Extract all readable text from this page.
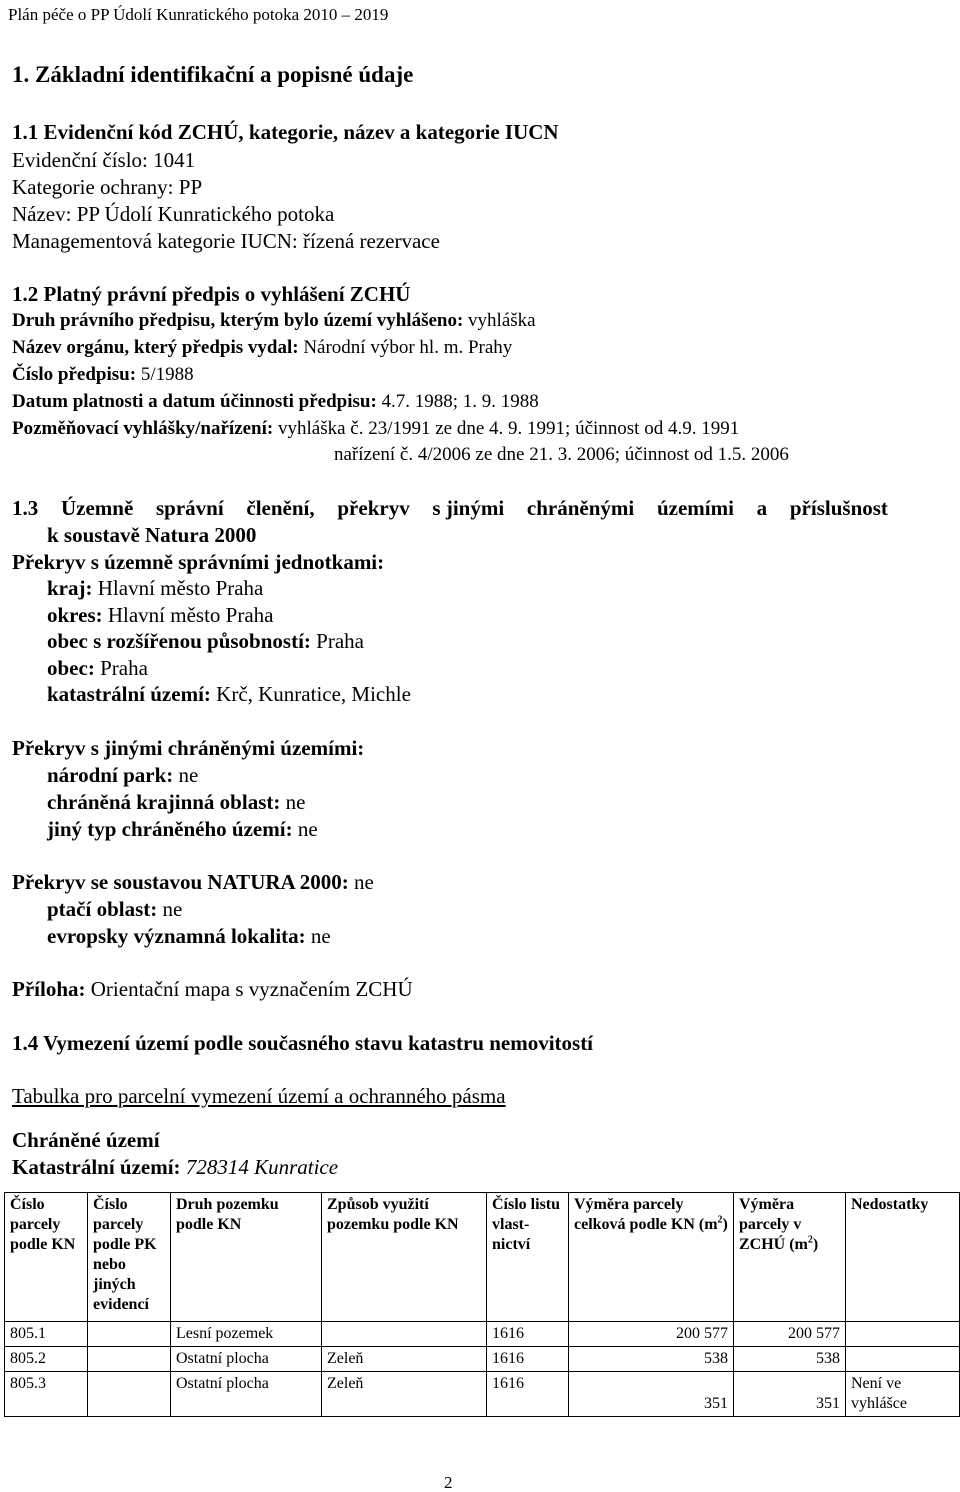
Plán péče o PP Údolí Kunratického potoka 2010 – 2019
1. Základní identifikační a popisné údaje
1.1 Evidenční kód ZCHÚ, kategorie, název a kategorie IUCN
Evidenční číslo: 1041
Kategorie ochrany: PP
Název: PP Údolí Kunratického potoka
Managementová kategorie IUCN: řízená rezervace
1.2 Platný právní předpis o vyhlášení ZCHÚ
Druh právního předpisu, kterým bylo území vyhlášeno: vyhláška
Název orgánu, který předpis vydal: Národní výbor hl. m. Prahy
Číslo předpisu: 5/1988
Datum platnosti a datum účinnosti předpisu: 4.7. 1988; 1. 9. 1988
Pozměňovací vyhlášky/nařízení: vyhláška č. 23/1991 ze dne 4. 9. 1991; účinnost od 4.9. 1991
nařízení č. 4/2006 ze dne 21. 3. 2006; účinnost od 1.5. 2006
1.3 Územně správní členění, překryv s jinými chráněnými územími a příslušnost
k soustavě Natura 2000
Překryv s územně správními jednotkami:
kraj: Hlavní město Praha
okres: Hlavní město Praha
obec s rozšířenou působností: Praha
obec: Praha
katastrální území: Krč, Kunratice, Michle
Překryv s jinými chráněnými územími:
národní park: ne
chráněná krajinná oblast: ne
jiný typ chráněného území: ne
Překryv se soustavou NATURA 2000: ne
ptačí oblast: ne
evropsky významná lokalita: ne
Příloha: Orientační mapa s vyznačením ZCHÚ
1.4 Vymezení území podle současného stavu katastru nemovitostí
Tabulka pro parcelní vymezení území a ochranného pásma
Chráněné území
Katastrální území: 728314 Kunratice
Číslo parcely podle KN	Číslo parcely podle PK nebo jiných evidencí	Druh pozemku podle KN	Způsob využití pozemku podle KN	Číslo listu vlast-nictví	Výměra parcely celková podle KN $(m^2)$	Výměra parcely v ZCHÚ $(m^2)$	Nedostatky
805.1		Lesní pozemek		1616	200 577	200 577	
805.2		Ostatní plocha	Zeleň	1616	538	538	
805.3		Ostatní plocha	Zeleň	1616	351	351	Není ve vyhlášce
2
